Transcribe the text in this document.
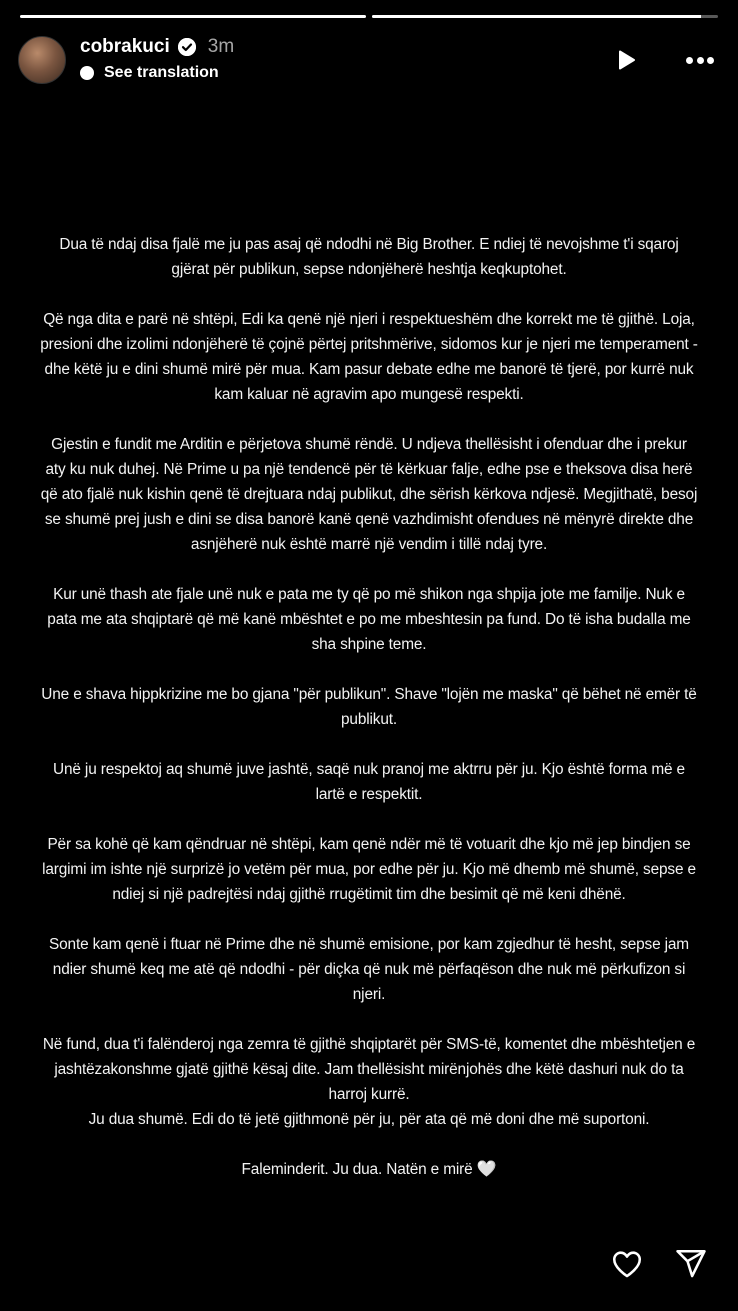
cobrakuci 3m
See translation

Dua të ndaj disa fjalë me ju pas asaj që ndodhi në Big Brother. E ndiej të nevojshme t'i sqaroj gjërat për publikun, sepse ndonjëherë heshtja keqkuptohet.

Që nga dita e parë në shtëpi, Edi ka qenë një njeri i respektueshëm dhe korrekt me të gjithë. Loja, presioni dhe izolimi ndonjëherë të çojnë përtej pritshmërive, sidomos kur je njeri me temperament - dhe këtë ju e dini shumë mirë për mua. Kam pasur debate edhe me banorë të tjerë, por kurrë nuk kam kaluar në agravim apo mungesë respekti.

Gjestin e fundit me Arditin e përjetova shumë rëndë. U ndjeva thellësisht i ofenduar dhe i prekur aty ku nuk duhej. Në Prime u pa një tendencë për të kërkuar falje, edhe pse e theksova disa herë që ato fjalë nuk kishin qenë të drejtuara ndaj publikut, dhe sërish kërkova ndjesë. Megjithatë, besoj se shumë prej jush e dini se disa banorë kanë qenë vazhdimisht ofendues në mënyrë direkte dhe asnjëherë nuk është marrë një vendim i tillë ndaj tyre.

Kur unë thash ate fjale unë nuk e pata me ty që po më shikon nga shpija jote me familje. Nuk e pata me ata shqiptarë që më kanë mbështet e po me mbeshtesin pa fund. Do të isha budalla me sha shpine teme.

Une e shava hippkrizine me bo gjana "për publikun". Shave "lojën me maska" që bëhet në emër të publikut.

Unë ju respektoj aq shumë juve jashtë, saqë nuk pranoj me aktrru për ju. Kjo është forma më e lartë e respektit.

Për sa kohë që kam qëndruar në shtëpi, kam qenë ndër më të votuarit dhe kjo më jep bindjen se largimi im ishte një surprizë jo vetëm për mua, por edhe për ju. Kjo më dhemb më shumë, sepse e ndiej si një padrejtësi ndaj gjithë rrugëtimit tim dhe besimit që më keni dhënë.

Sonte kam qenë i ftuar në Prime dhe në shumë emisione, por kam zgjedhur të hesht, sepse jam ndier shumë keq me atë që ndodhi - për diçka që nuk më përfaqëson dhe nuk më përkufizon si njeri.

Në fund, dua t'i falënderoj nga zemra të gjithë shqiptarët për SMS-të, komentet dhe mbështetjen e jashtëzakonshme gjatë gjithë kësaj dite. Jam thellësisht mirënjohës dhe këtë dashuri nuk do ta harroj kurrë.

Ju dua shumë. Edi do të jetë gjithmonë për ju, për ata që më doni dhe më suportoni.

Faleminderit. Ju dua. Natën e mirë 🤍
